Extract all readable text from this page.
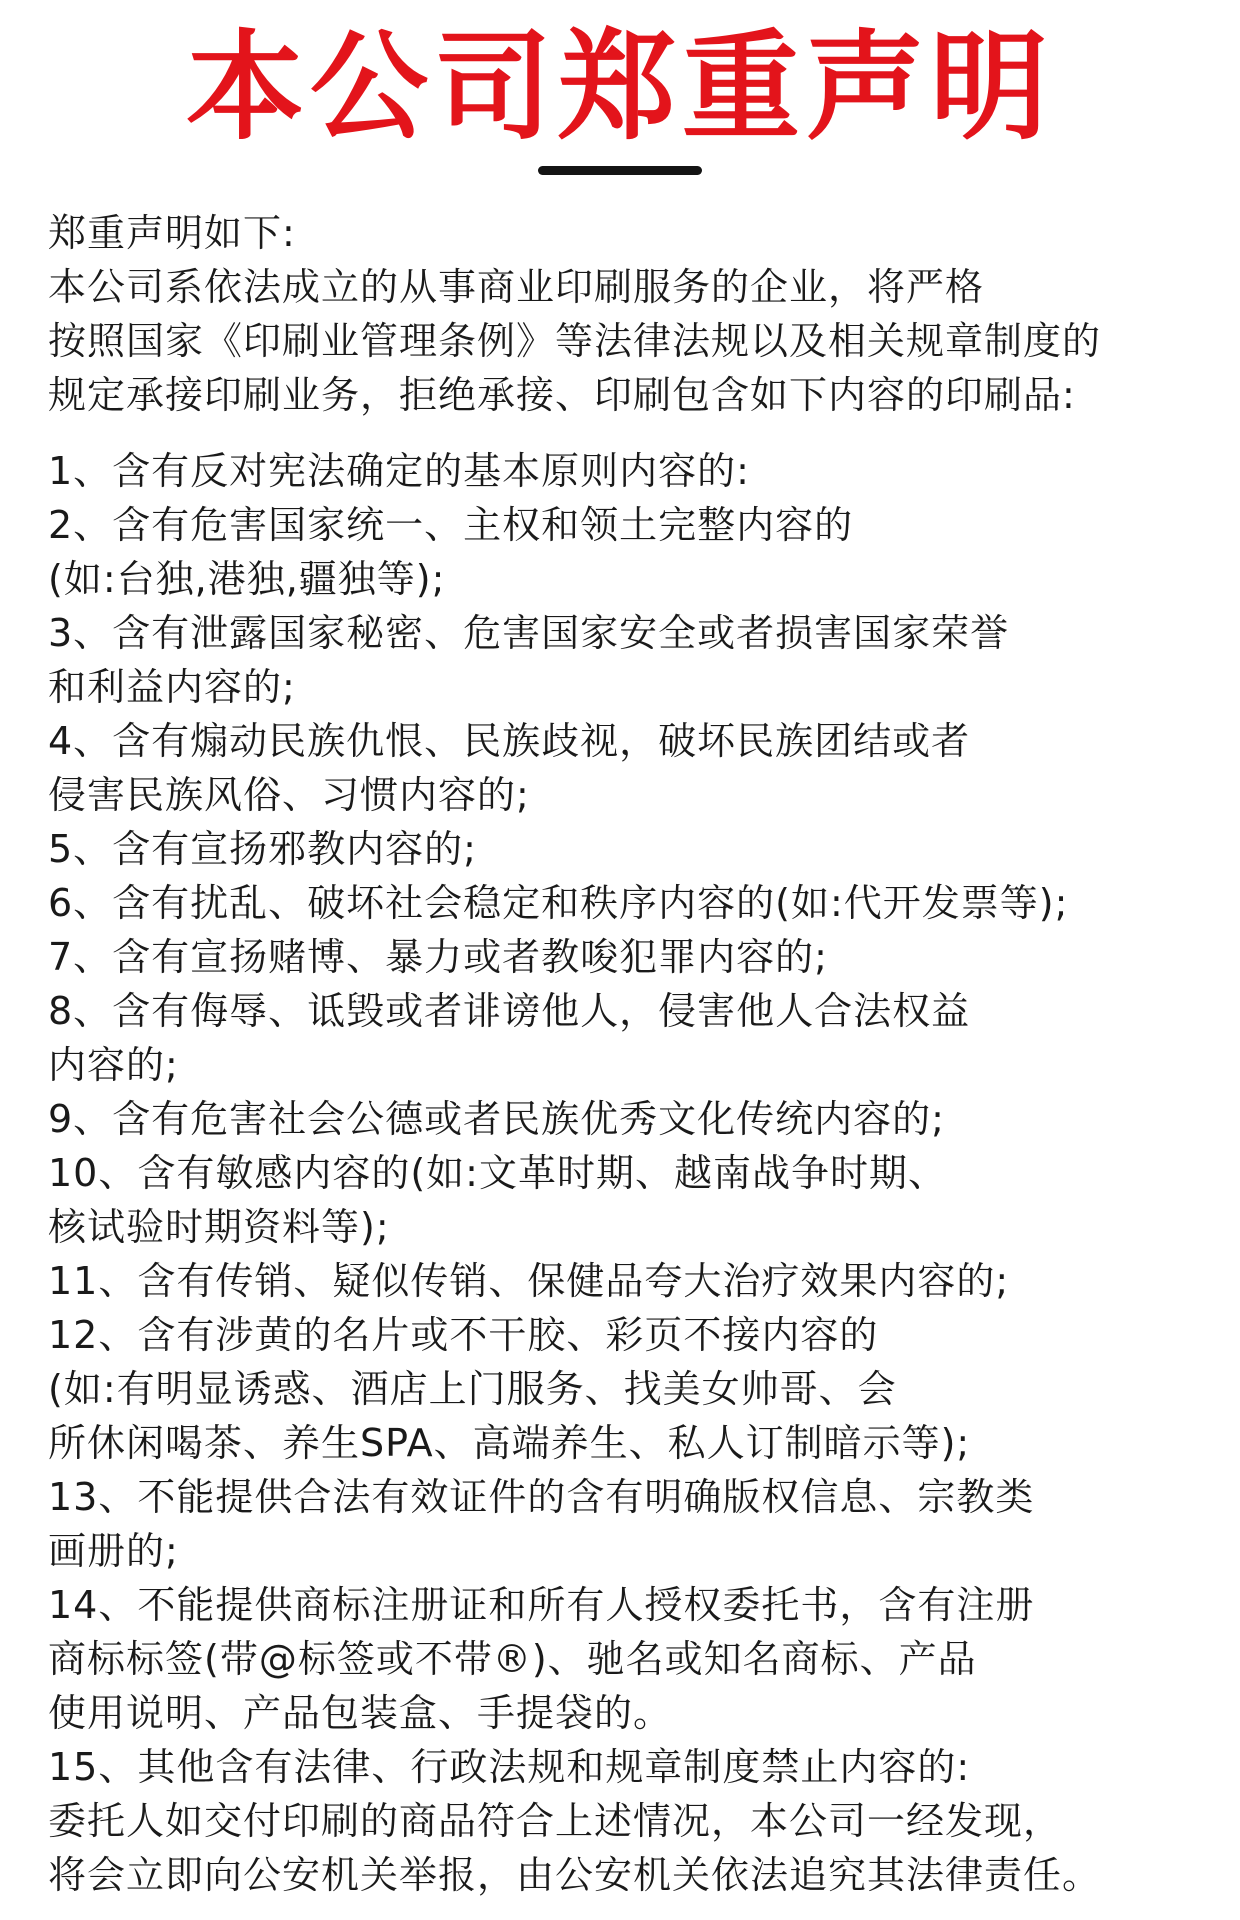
本公司郑重声明
郑重声明如下:
本公司系依法成立的从事商业印刷服务的企业，将严格
按照国家《印刷业管理条例》等法律法规以及相关规章制度的
规定承接印刷业务，拒绝承接、印刷包含如下内容的印刷品:
1、含有反对宪法确定的基本原则内容的:
2、含有危害国家统一、主权和领土完整内容的
(如:台独,港独,疆独等);
3、含有泄露国家秘密、危害国家安全或者损害国家荣誉
和利益内容的;
4、含有煽动民族仇恨、民族歧视，破坏民族团结或者
侵害民族风俗、习惯内容的;
5、含有宣扬邪教内容的;
6、含有扰乱、破坏社会稳定和秩序内容的(如:代开发票等);
7、含有宣扬赌博、暴力或者教唆犯罪内容的;
8、含有侮辱、诋毁或者诽谤他人，侵害他人合法权益
内容的;
9、含有危害社会公德或者民族优秀文化传统内容的;
10、含有敏感内容的(如:文革时期、越南战争时期、
核试验时期资料等);
11、含有传销、疑似传销、保健品夸大治疗效果内容的;
12、含有涉黄的名片或不干胶、彩页不接内容的
(如:有明显诱惑、酒店上门服务、找美女帅哥、会
所休闲喝茶、养生SPA、高端养生、私人订制暗示等);
13、不能提供合法有效证件的含有明确版权信息、宗教类
画册的;
14、不能提供商标注册证和所有人授权委托书，含有注册
商标标签(带@标签或不带®)、驰名或知名商标、产品
使用说明、产品包装盒、手提袋的。
15、其他含有法律、行政法规和规章制度禁止内容的:
委托人如交付印刷的商品符合上述情况，本公司一经发现，
将会立即向公安机关举报，由公安机关依法追究其法律责任。
